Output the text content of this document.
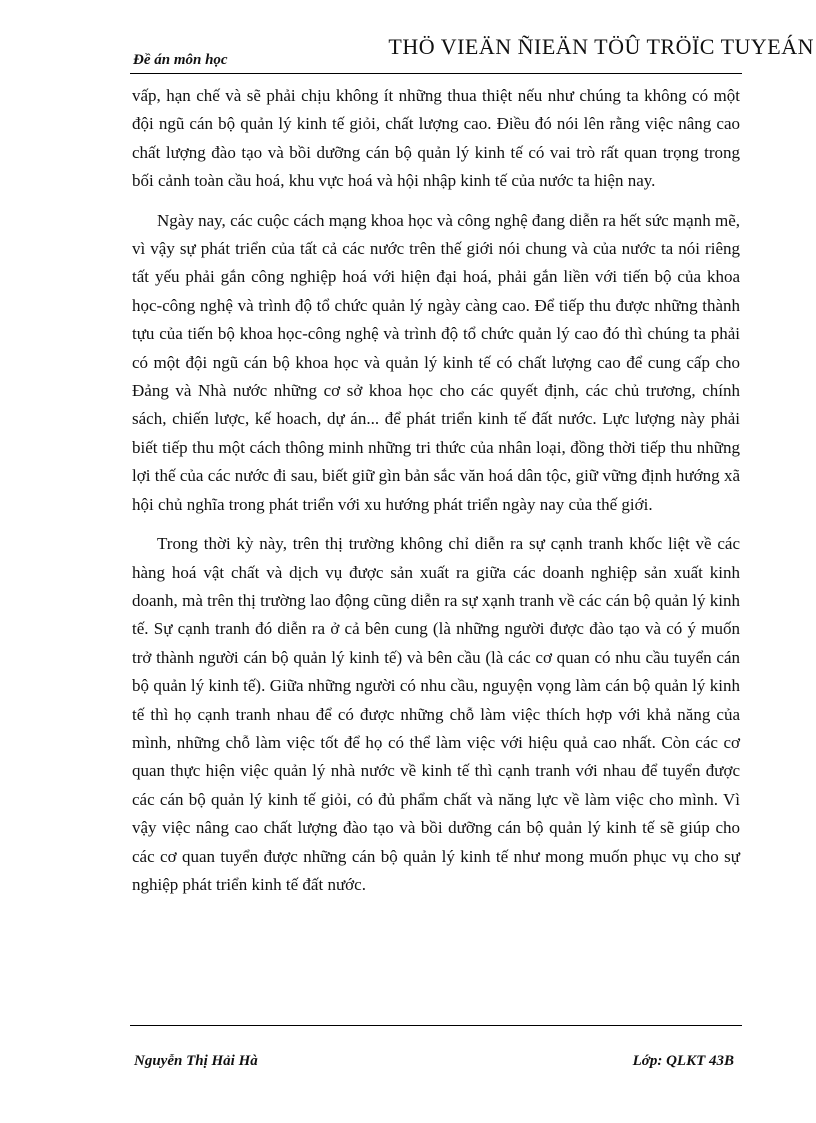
THÖ VIEÄN ÑIEÄN TÖÛ TRÖÏC TUYEÁN
Đề án môn học

vấp, hạn chế và sẽ phải chịu không ít những thua thiệt nếu như chúng ta không có một đội ngũ cán bộ quản lý kinh tế giỏi, chất lượng cao. Điều đó nói lên rằng việc nâng cao chất lượng đào tạo và bồi dưỡng cán bộ quản lý kinh tế có vai trò rất quan trọng trong bối cảnh toàn cầu hoá, khu vực hoá và hội nhập kinh tế của nước ta hiện nay.

Ngày nay, các cuộc cách mạng khoa học và công nghệ đang diễn ra hết sức mạnh mẽ, vì vậy sự phát triển của tất cả các nước trên thế giới nói chung và của nước ta nói riêng tất yếu phải gắn công nghiệp hoá với hiện đại hoá, phải gắn liền với tiến bộ của khoa học-công nghệ và trình độ tổ chức quản lý ngày càng cao. Để tiếp thu được những thành tựu của tiến bộ khoa học-công nghệ và trình độ tổ chức quản lý cao đó thì chúng ta phải có một đội ngũ cán bộ khoa học và quản lý kinh tế có chất lượng cao để cung cấp cho Đảng và Nhà nước những cơ sở khoa học cho các quyết định, các chủ trương, chính sách, chiến lược, kế hoach, dự án... để phát triển kinh tế đất nước. Lực lượng này phải biết tiếp thu một cách thông minh những tri thức của nhân loại, đồng thời tiếp thu những lợi thế của các nước đi sau, biết giữ gìn bản sắc văn hoá dân tộc, giữ vững định hướng xã hội chủ nghĩa trong phát triển với xu hướng phát triển ngày nay của thế giới.

Trong thời kỳ này, trên thị trường không chỉ diễn ra sự cạnh tranh khốc liệt về các hàng hoá vật chất và dịch vụ được sản xuất ra giữa các doanh nghiệp sản xuất kinh doanh, mà trên thị trường lao động cũng diễn ra sự xạnh tranh về các cán bộ quản lý kinh tế. Sự cạnh tranh đó diễn ra ở cả bên cung (là những người được đào tạo và có ý muốn trở thành người cán bộ quản lý kinh tế) và bên cầu (là các cơ quan có nhu cầu tuyển cán bộ quản lý kinh tế). Giữa những người có nhu cầu, nguyện vọng làm cán bộ quản lý kinh tế thì họ cạnh tranh nhau để có được những chỗ làm việc thích hợp với khả năng của mình, những chỗ làm việc tốt để họ có thể làm việc với hiệu quả cao nhất. Còn các cơ quan thực hiện việc quản lý nhà nước về kinh tế thì cạnh tranh với nhau để tuyển được các cán bộ quản lý kinh tế giỏi, có đủ phẩm chất và năng lực về làm việc cho mình. Vì vậy việc nâng cao chất lượng đào tạo và bồi dưỡng cán bộ quản lý kinh tế sẽ giúp cho các cơ quan tuyển được những cán bộ quản lý kinh tế như mong muốn phục vụ cho sự nghiệp phát triển kinh tế đất nước.

Nguyễn Thị Hải Hà	Lớp: QLKT 43B
